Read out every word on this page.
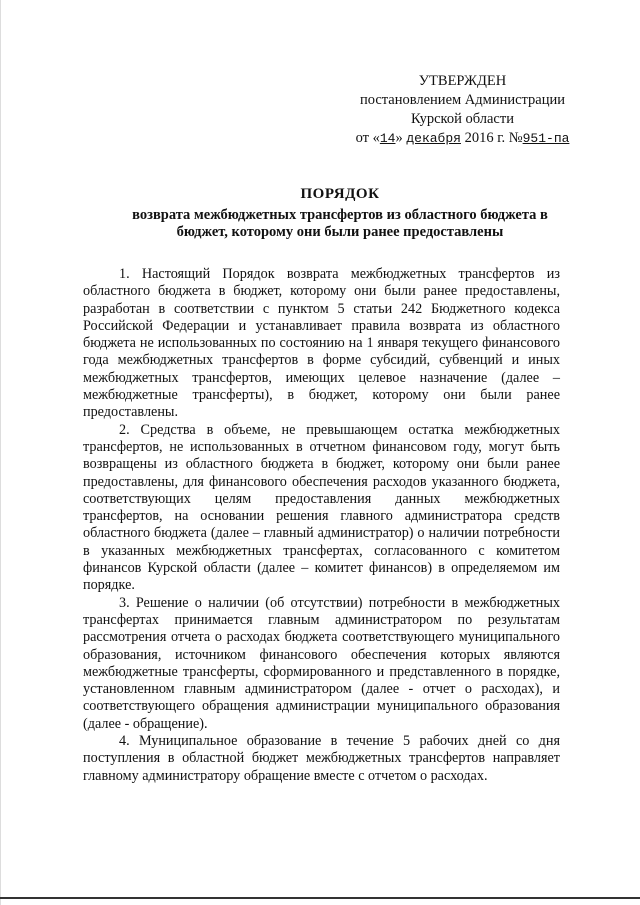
УТВЕРЖДЕН
постановлением Администрации
Курской области
от «14» декабря 2016 г. №951-па
ПОРЯДОК
возврата межбюджетных трансфертов из областного бюджета в
бюджет, которому они были ранее предоставлены

1. Настоящий Порядок возврата межбюджетных трансфертов из областного бюджета в бюджет, которому они были ранее предоставлены, разработан в соответствии с пунктом 5 статьи 242 Бюджетного кодекса Российской Федерации и устанавливает правила возврата из областного бюджета не использованных по состоянию на 1 января текущего финансового года межбюджетных трансфертов в форме субсидий, субвенций и иных межбюджетных трансфертов, имеющих целевое назначение (далее – межбюджетные трансферты), в бюджет, которому они были ранее предоставлены.

2. Средства в объеме, не превышающем остатка межбюджетных трансфертов, не использованных в отчетном финансовом году, могут быть возвращены из областного бюджета в бюджет, которому они были ранее предоставлены, для финансового обеспечения расходов указанного бюджета, соответствующих целям предоставления данных межбюджетных трансфертов, на основании решения главного администратора средств областного бюджета (далее – главный администратор) о наличии потребности в указанных межбюджетных трансфертах, согласованного с комитетом финансов Курской области (далее – комитет финансов) в определяемом им порядке.

3. Решение о наличии (об отсутствии) потребности в межбюджетных трансфертах принимается главным администратором по результатам рассмотрения отчета о расходах бюджета соответствующего муниципального образования, источником финансового обеспечения которых являются межбюджетные трансферты, сформированного и представленного в порядке, установленном главным администратором (далее - отчет о расходах), и соответствующего обращения администрации муниципального образования (далее - обращение).

4. Муниципальное образование в течение 5 рабочих дней со дня поступления в областной бюджет межбюджетных трансфертов направляет главному администратору обращение вместе с отчетом о расходах.
